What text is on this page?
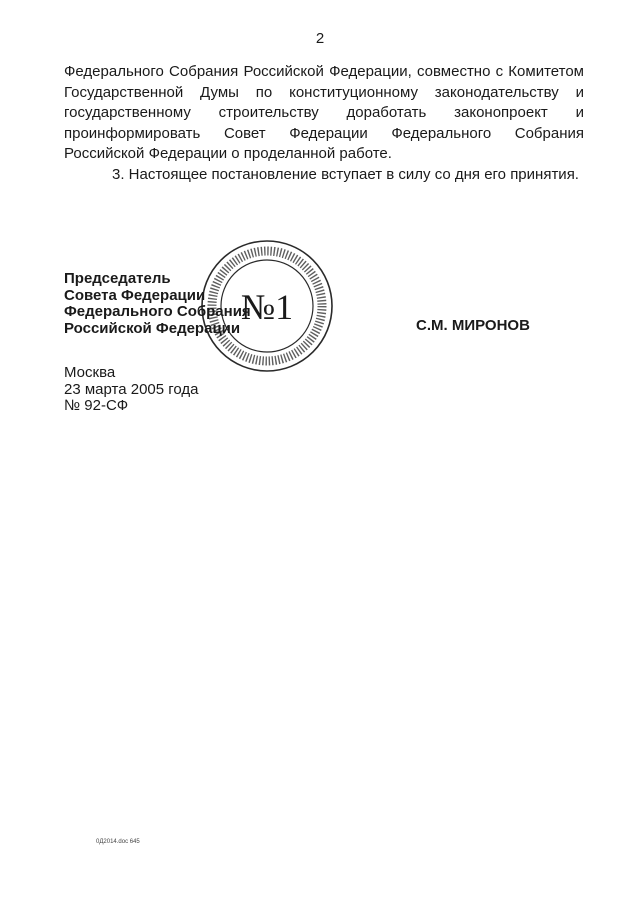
2

Федерального Собрания Российской Федерации, совместно с Комитетом Государственной Думы по конституционному законодательству и государственному строительству доработать законопроект и проинформировать Совет Федерации Федерального Собрания Российской Федерации о проделанной работе.

3. Настоящее постановление вступает в силу со дня его принятия.

№1
Председатель
Совета Федерации
Федерального Собрания
Российской Федерации	С.М. МИРОНОВ
Москва
23 марта 2005 года
№ 92-СФ
0Д2014.doc 645
